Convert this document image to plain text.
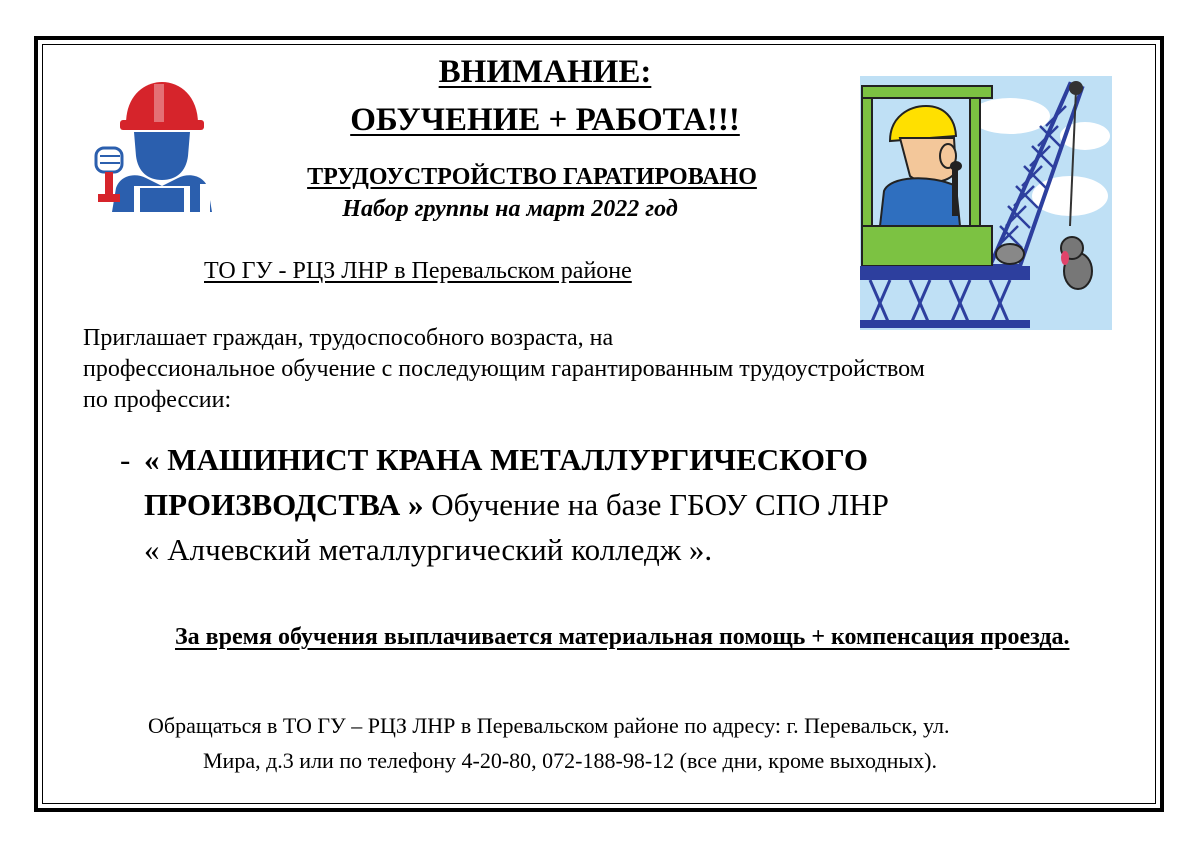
ВНИМАНИЕ:
ОБУЧЕНИЕ + РАБОТА!!!
ТРУДОУСТРОЙСТВО ГАРАТИРОВАНО
Набор группы на март 2022 год
ТО ГУ - РЦЗ ЛНР в Перевальском районе
Приглашает граждан, трудоспособного возраста, на
профессиональное обучение с последующим гарантированным трудоустройством
по профессии:
- « МАШИНИСТ КРАНА МЕТАЛЛУРГИЧЕСКОГО
ПРОИЗВОДСТВА » Обучение на базе ГБОУ СПО ЛНР
« Алчевский металлургический колледж ».
За время обучения выплачивается материальная помощь + компенсация проезда.
Обращаться в ТО ГУ – РЦЗ ЛНР в Перевальском районе по адресу: г. Перевальск, ул.
Мира, д.3 или по телефону 4-20-80, 072-188-98-12 (все дни, кроме выходных).
